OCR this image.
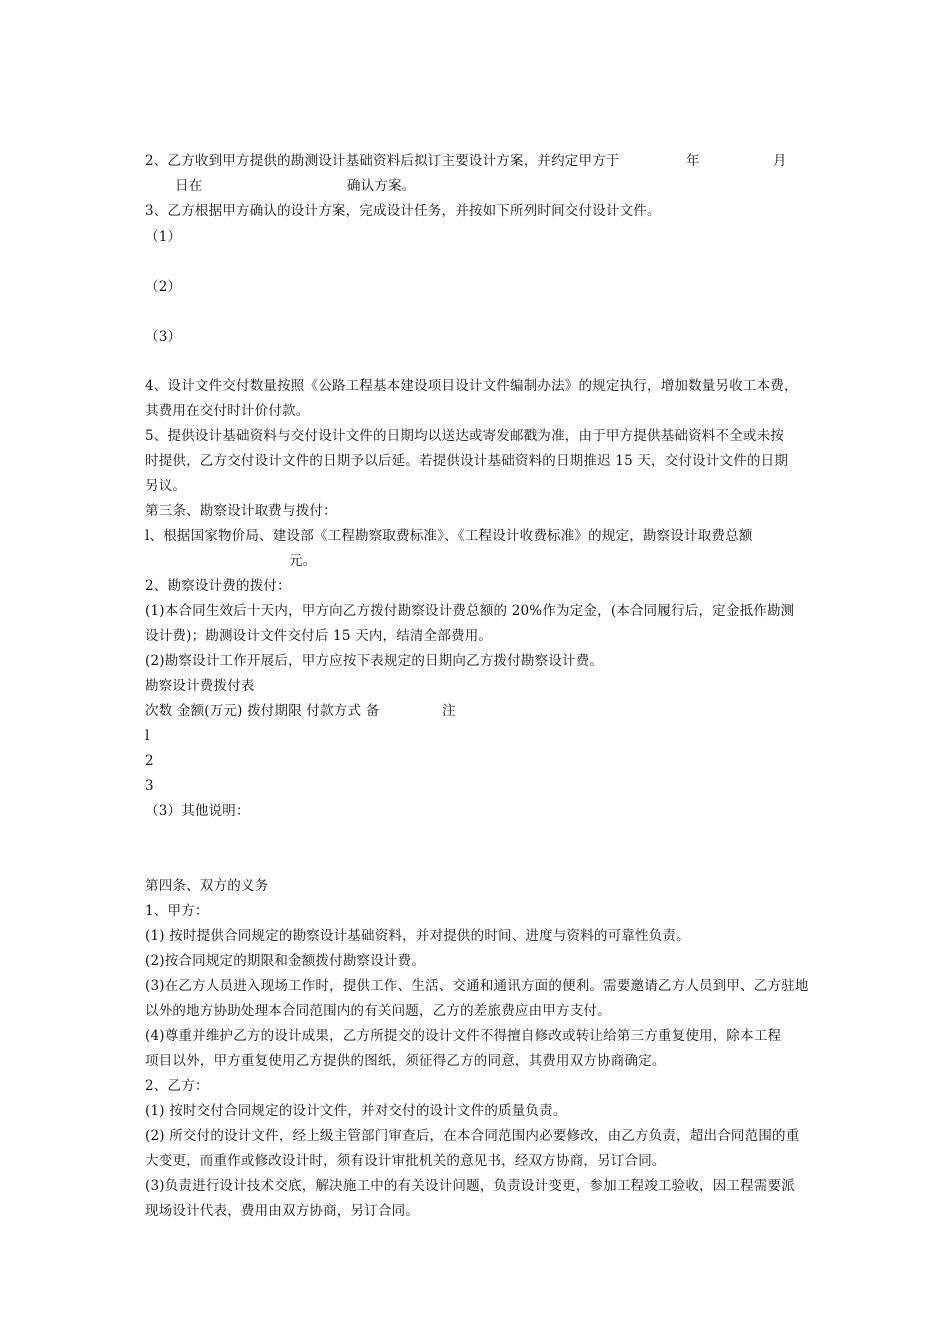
2、乙方收到甲方提供的勘测设计基础资料后拟订主要设计方案，并约定甲方于	年	月
日在	确认方案。
3、乙方根据甲方确认的设计方案，完成设计任务，并按如下所列时间交付设计文件。
（1）
（2）
（3）
4、设计文件交付数量按照《公路工程基本建设项目设计文件编制办法》的规定执行，增加数量另收工本费，
其费用在交付时计价付款。
5、提供设计基础资料与交付设计文件的日期均以送达或寄发邮戳为准，由于甲方提供基础资料不全或未按
时提供，乙方交付设计文件的日期予以后延。若提供设计基础资料的日期推迟 15 天，交付设计文件的日期
另议。
第三条、勘察设计取费与拨付：
l、根据国家物价局、建设部《工程勘察取费标准》、《工程设计收费标准》的规定，勘察设计取费总额
元。
2、勘察设计费的拨付：
(1)本合同生效后十天内，甲方向乙方拨付勘察设计费总额的 20%作为定金，(本合同履行后，定金抵作勘测
设计费)；勘测设计文件交付后 15 天内，结清全部费用。
(2)勘察设计工作开展后，甲方应按下表规定的日期向乙方拨付勘察设计费。
勘察设计费拨付表
次数 金额(万元) 拨付期限 付款方式 备	注
l
2
3
（3）其他说明：
第四条、双方的义务
1、甲方：
(1) 按时提供合同规定的勘察设计基础资料，并对提供的时间、进度与资料的可靠性负责。
(2)按合同规定的期限和金额拨付勘察设计费。
(3)在乙方人员进入现场工作时，提供工作、生活、交通和通讯方面的便利。需要邀请乙方人员到甲、乙方驻地
以外的地方协助处理本合同范围内的有关问题，乙方的差旅费应由甲方支付。
(4)尊重并维护乙方的设计成果，乙方所提交的设计文件不得擅自修改或转让给第三方重复使用，除本工程
项目以外，甲方重复使用乙方提供的图纸，须征得乙方的同意，其费用双方协商确定。
2、乙方：
(1) 按时交付合同规定的设计文件，并对交付的设计文件的质量负责。
(2) 所交付的设计文件，经上级主管部门审查后，在本合同范围内必要修改，由乙方负责，超出合同范围的重
大变更，而重作或修改设计时，须有设计审批机关的意见书，经双方协商，另订合同。
(3)负责进行设计技术交底，解决施工中的有关设计问题，负责设计变更，参加工程竣工验收，因工程需要派
现场设计代表，费用由双方协商，另订合同。
